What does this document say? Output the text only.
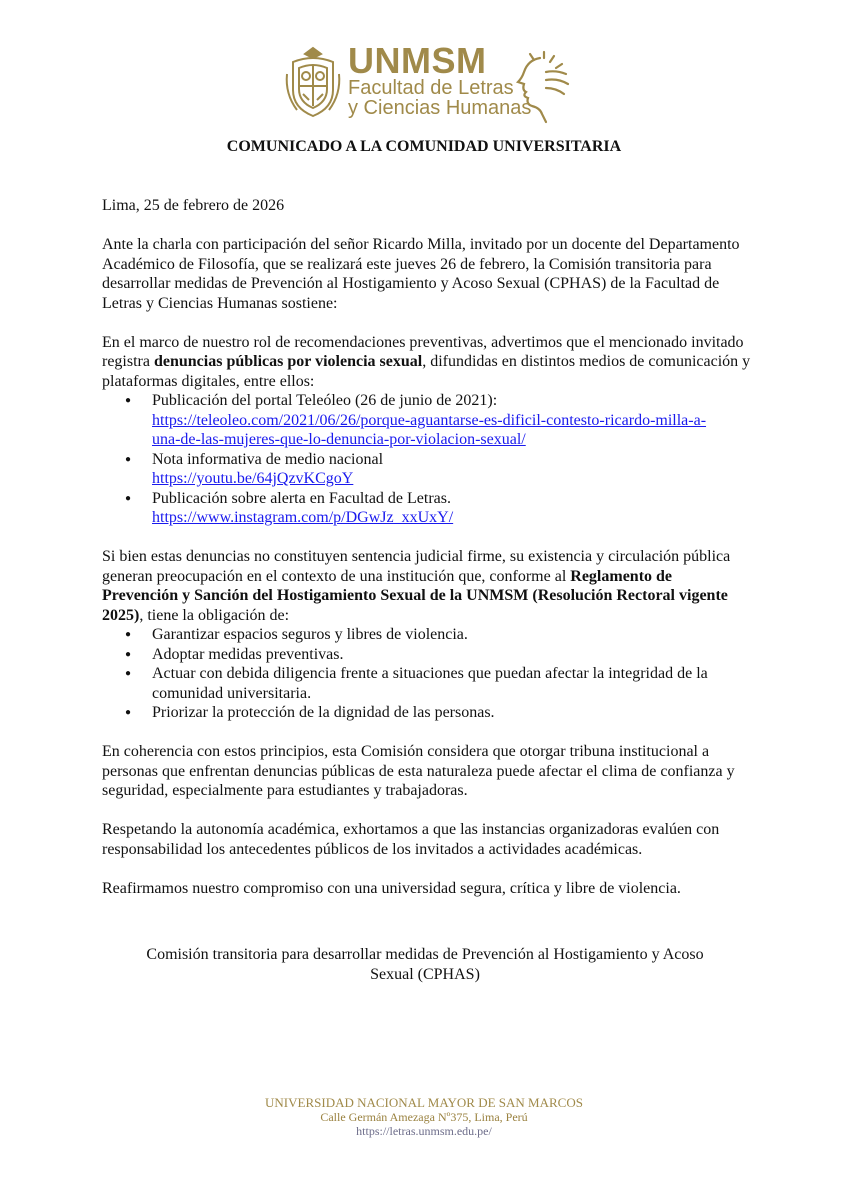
UNMSM
Facultad de Letras
y Ciencias Humanas
COMUNICADO A LA COMUNIDAD UNIVERSITARIA

Lima, 25 de febrero de 2026

Ante la charla con participación del señor Ricardo Milla, invitado por un docente del Departamento Académico de Filosofía, que se realizará este jueves 26 de febrero, la Comisión transitoria para desarrollar medidas de Prevención al Hostigamiento y Acoso Sexual (CPHAS) de la Facultad de Letras y Ciencias Humanas sostiene:

En el marco de nuestro rol de recomendaciones preventivas, advertimos que el mencionado invitado registra denuncias públicas por violencia sexual, difundidas en distintos medios de comunicación y plataformas digitales, entre ellos:

● Publicación del portal Teleóleo (26 de junio de 2021):
https://teleoleo.com/2021/06/26/porque-aguantarse-es-dificil-contesto-ricardo-milla-a-
una-de-las-mujeres-que-lo-denuncia-por-violacion-sexual/
● Nota informativa de medio nacional
https://youtu.be/64jQzvKCgoY
● Publicación sobre alerta en Facultad de Letras.
https://www.instagram.com/p/DGwJz_xxUxY/

Si bien estas denuncias no constituyen sentencia judicial firme, su existencia y circulación pública generan preocupación en el contexto de una institución que, conforme al Reglamento de Prevención y Sanción del Hostigamiento Sexual de la UNMSM (Resolución Rectoral vigente 2025), tiene la obligación de:

● Garantizar espacios seguros y libres de violencia.
● Adoptar medidas preventivas.
● Actuar con debida diligencia frente a situaciones que puedan afectar la integridad de la comunidad universitaria.
● Priorizar la protección de la dignidad de las personas.

En coherencia con estos principios, esta Comisión considera que otorgar tribuna institucional a personas que enfrentan denuncias públicas de esta naturaleza puede afectar el clima de confianza y seguridad, especialmente para estudiantes y trabajadoras.

Respetando la autonomía académica, exhortamos a que las instancias organizadoras evalúen con responsabilidad los antecedentes públicos de los invitados a actividades académicas.

Reafirmamos nuestro compromiso con una universidad segura, crítica y libre de violencia.

Comisión transitoria para desarrollar medidas de Prevención al Hostigamiento y Acoso
Sexual (CPHAS)
UNIVERSIDAD NACIONAL MAYOR DE SAN MARCOS
Calle Germán Amezaga Nº375, Lima, Perú
https://letras.unmsm.edu.pe/
